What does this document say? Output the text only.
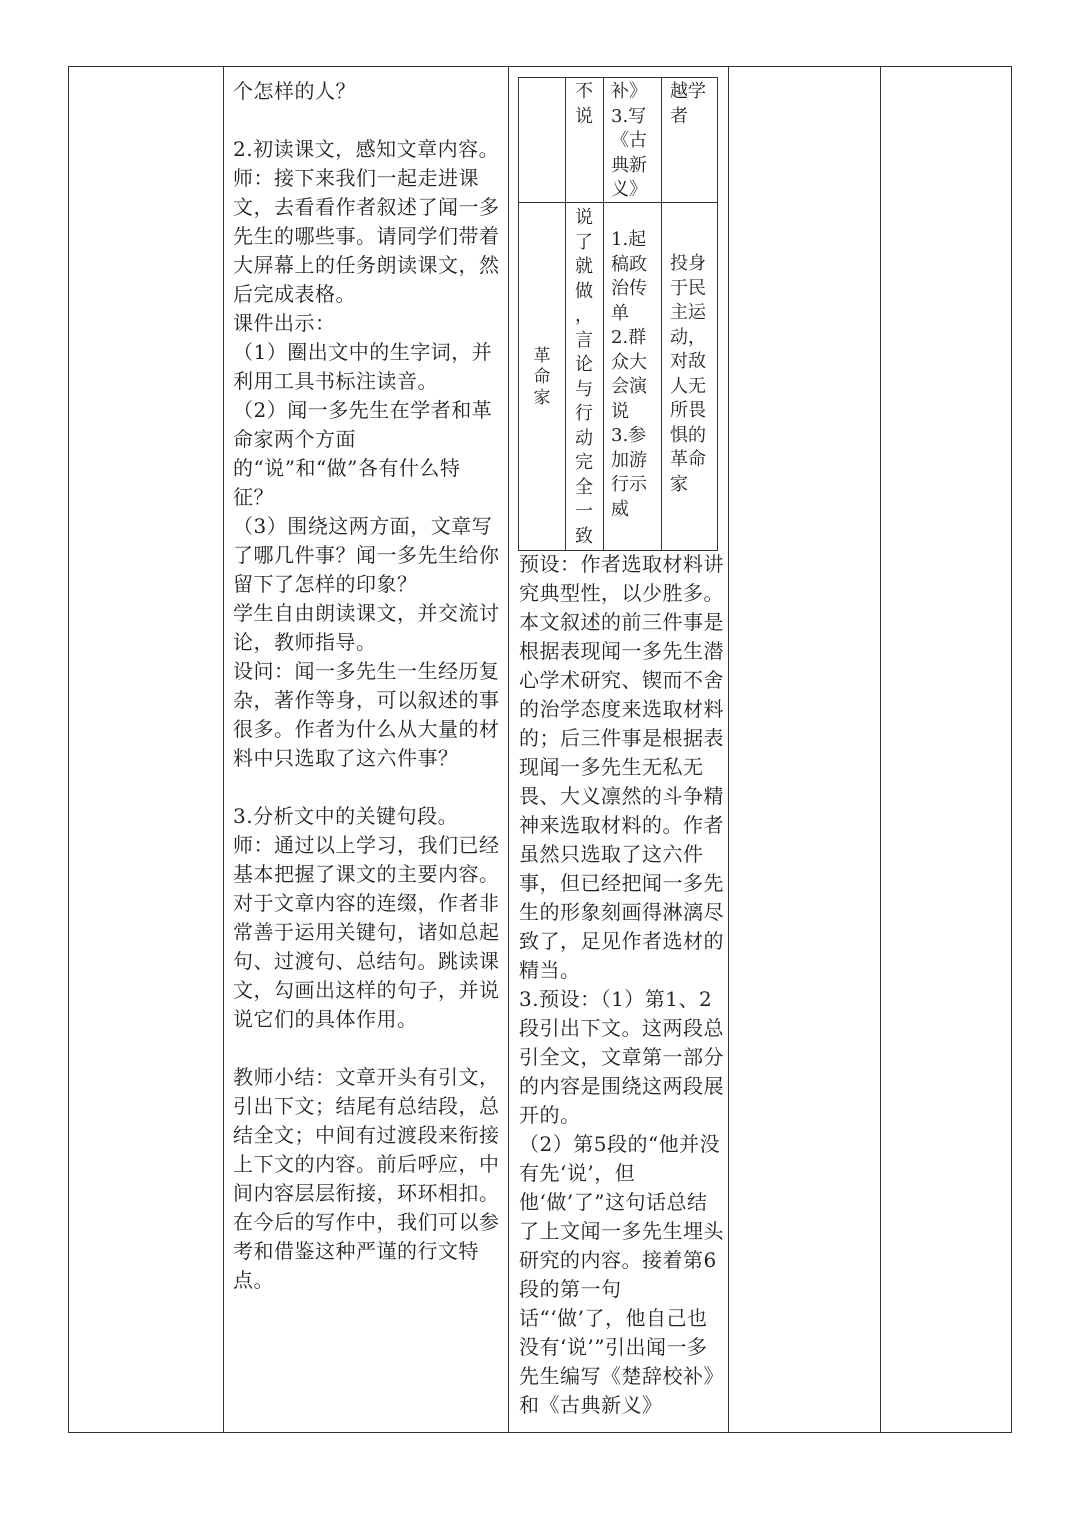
个怎样的人？

2.初读课文，感知文章内容。

师：接下来我们一起走进课文，去看看作者叙述了闻一多先生的哪些事。请同学们带着大屏幕上的任务朗读课文，然后完成表格。

课件出示：

（1）圈出文中的生字词，并利用工具书标注读音。

（2）闻一多先生在学者和革命家两个方面的“说”和“做”各有什么特征？

（3）围绕这两方面，文章写了哪几件事？闻一多先生给你留下了怎样的印象？

学生自由朗读课文，并交流讨论，教师指导。

设问：闻一多先生一生经历复杂，著作等身，可以叙述的事很多。作者为什么从大量的材料中只选取了这六件事？

3.分析文中的关键句段。

师：通过以上学习，我们已经基本把握了课文的主要内容。对于文章内容的连缀，作者非常善于运用关键句，诸如总起句、过渡句、总结句。跳读课文，勾画出这样的句子，并说说它们的具体作用。

教师小结：文章开头有引文，引出下文；结尾有总结段，总结全文；中间有过渡段来衔接上下文的内容。前后呼应，中间内容层层衔接，环环相扣。在今后的写作中，我们可以参考和借鉴这种严谨的行文特点。

不
说
补》
3.写
《古
典新
义》
越学
者
革
命
家
说
了
就
做
，
言
论
与
行
动
完
全
一
致
1.起
稿政
治传
单
2.群
众大
会演
说
3.参
加游
行示
威
投身
于民
主运
动，
对敌
人无
所畏
惧的
革命
家

预设：作者选取材料讲究典型性，以少胜多。本文叙述的前三件事是根据表现闻一多先生潜心学术研究、锲而不舍的治学态度来选取材料的；后三件事是根据表现闻一多先生无私无畏、大义凛然的斗争精神来选取材料的。作者虽然只选取了这六件事，但已经把闻一多先生的形象刻画得淋漓尽致了，足见作者选材的精当。

3.预设：（1）第1、2段引出下文。这两段总引全文，文章第一部分的内容是围绕这两段展开的。

（2）第5段的“他并没有先‘说’，但他‘做’了”这句话总结了上文闻一多先生埋头研究的内容。接着第6段的第一句话“‘做’了，他自己也没有‘说’”引出闻一多先生编写《楚辞校补》和《古典新义》
